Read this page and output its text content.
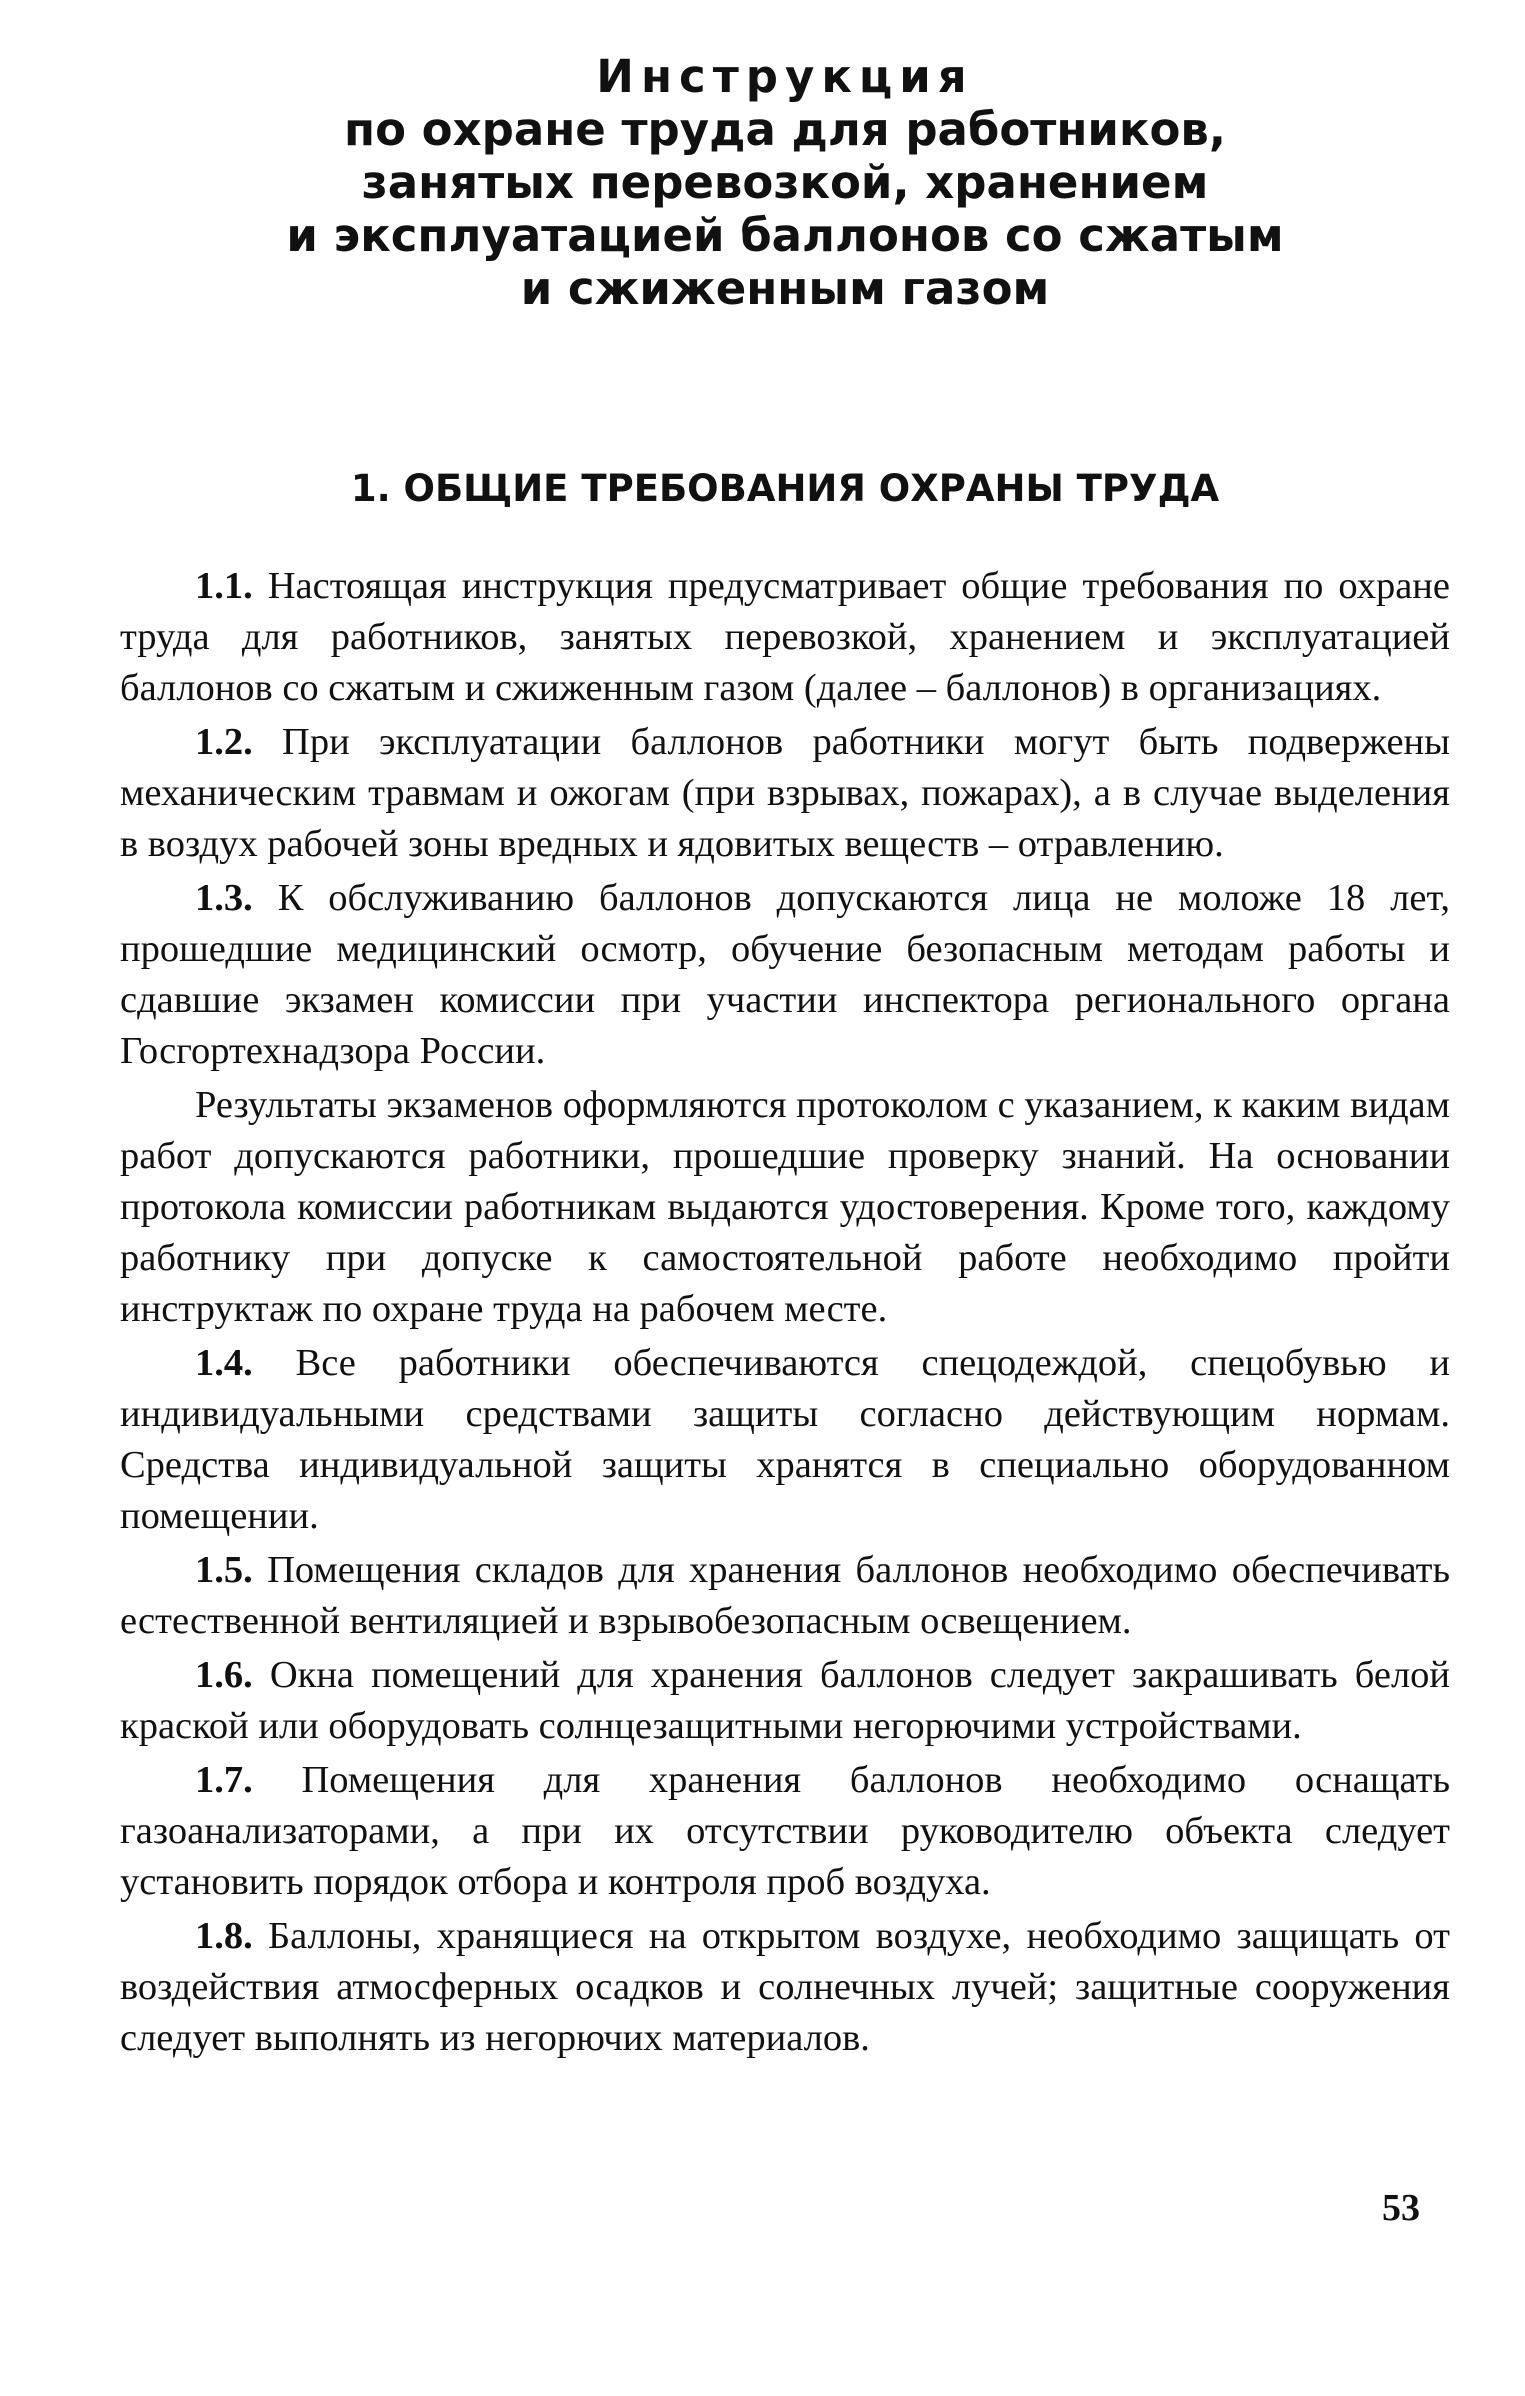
Инструкция
по охране труда для работников,
занятых перевозкой, хранением
и эксплуатацией баллонов со сжатым
и сжиженным газом
1. ОБЩИЕ ТРЕБОВАНИЯ ОХРАНЫ ТРУДА

1.1. Настоящая инструкция предусматривает общие требования по охране труда для работников, занятых перевозкой, хранением и эксплуатацией баллонов со сжатым и сжиженным газом (далее – баллонов) в организациях.

1.2. При эксплуатации баллонов работники могут быть подвержены механическим травмам и ожогам (при взрывах, пожарах), а в случае выделения в воздух рабочей зоны вредных и ядовитых веществ – отравлению.

1.3. К обслуживанию баллонов допускаются лица не моложе 18 лет, прошедшие медицинский осмотр, обучение безопасным методам работы и сдавшие экзамен комиссии при участии инспектора регионального органа Госгортехнадзора России.

Результаты экзаменов оформляются протоколом с указанием, к каким видам работ допускаются работники, прошедшие проверку знаний. На основании протокола комиссии работникам выдаются удостоверения. Кроме того, каждому работнику при допуске к самостоятельной работе необходимо пройти инструктаж по охране труда на рабочем месте.

1.4. Все работники обеспечиваются спецодеждой, спецобувью и индивидуальными средствами защиты согласно действующим нормам. Средства индивидуальной защиты хранятся в специально оборудованном помещении.

1.5. Помещения складов для хранения баллонов необходимо обеспечивать естественной вентиляцией и взрывобезопасным освещением.

1.6. Окна помещений для хранения баллонов следует закрашивать белой краской или оборудовать солнцезащитными негорючими устройствами.

1.7. Помещения для хранения баллонов необходимо оснащать газоанализаторами, а при их отсутствии руководителю объекта следует установить порядок отбора и контроля проб воздуха.

1.8. Баллоны, хранящиеся на открытом воздухе, необходимо защищать от воздействия атмосферных осадков и солнечных лучей; защитные сооружения следует выполнять из негорючих материалов.

53
